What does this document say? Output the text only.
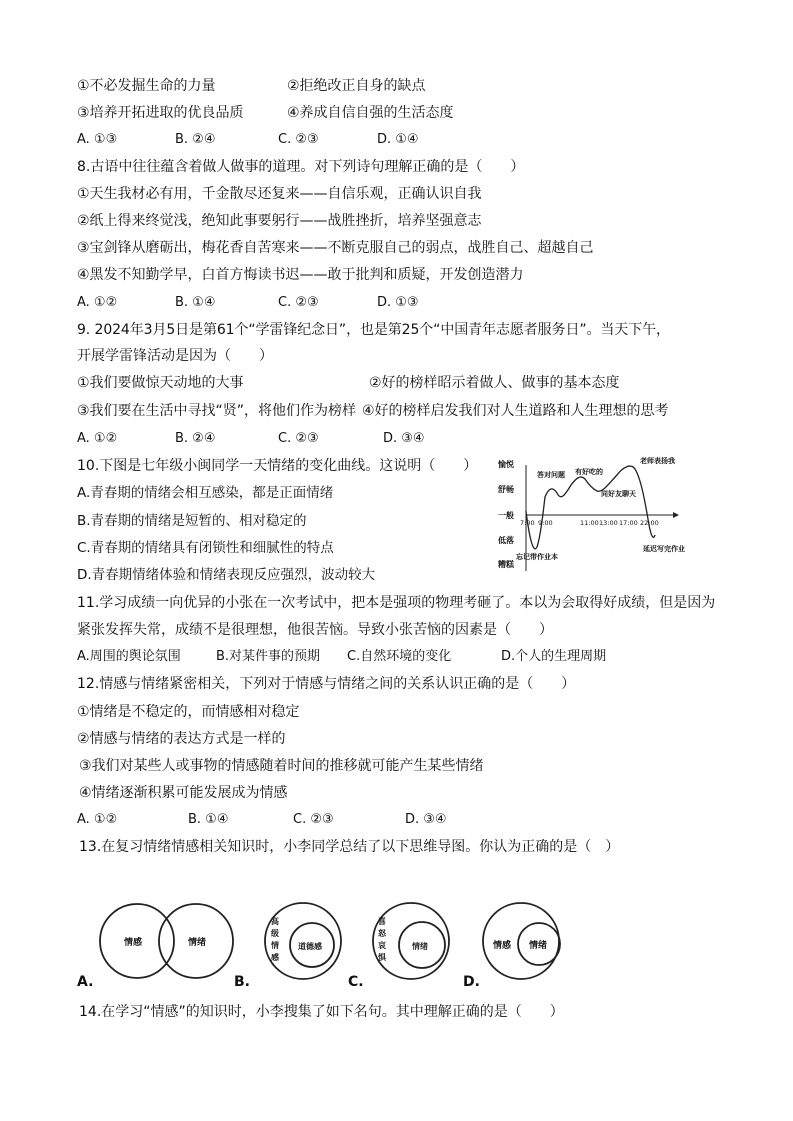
①不必发掘生命的力量	②拒绝改正自身的缺点
③培养开拓进取的优良品质	④养成自信自强的生活态度
A. ①③	B. ②④	C. ②③	D. ①④
8.古语中往往蕴含着做人做事的道理。对下列诗句理解正确的是（　　）
①天生我材必有用，千金散尽还复来——自信乐观，正确认识自我
②纸上得来终觉浅，绝知此事要躬行——战胜挫折，培养坚强意志
③宝剑锋从磨砺出，梅花香自苦寒来——不断克服自己的弱点，战胜自己、超越自己
④黑发不知勤学早，白首方悔读书迟——敢于批判和质疑，开发创造潜力
A. ①②	B. ①④	C. ②③	D. ①③
9. 2024年3月5日是第61个“学雷锋纪念日”，也是第25个“中国青年志愿者服务日”。当天下午，
开展学雷锋活动是因为（　　）
①我们要做惊天动地的大事	②好的榜样昭示着做人、做事的基本态度
③我们要在生活中寻找“贤”，将他们作为榜样 ④好的榜样启发我们对人生道路和人生理想的思考
A. ①②	B. ②④	C. ②③	D. ③④
10.下图是七年级小闽同学一天情绪的变化曲线。这说明（　　）
A.青春期的情绪会相互感染，都是正面情绪
B.青春期的情绪是短暂的、相对稳定的
C.青春期的情绪具有闭锁性和细腻性的特点
D.青春期情绪体验和情绪表现反应强烈，波动较大
愉悦
舒畅
一般
低落
糟糕
7:00 9:00	11:00 13:00 17:00 22:00
答对问题 有好吃的
同好友聊天
老师表扬我
忘记带作业本
延迟写完作业
11.学习成绩一向优异的小张在一次考试中，把本是强项的物理考砸了。本以为会取得好成绩，但是因为
紧张发挥失常，成绩不是很理想，他很苦恼。导致小张苦恼的因素是（　　）
A.周围的舆论氛围	B.对某件事的预期 C.自然环境的变化	D.个人的生理周期
12.情感与情绪紧密相关，下列对于情感与情绪之间的关系认识正确的是（　　）
①情绪是不稳定的，而情感相对稳定
②情感与情绪的表达方式是一样的
③我们对某些人或事物的情感随着时间的推移就可能产生某些情绪
④情绪逐渐积累可能发展成为情感
A. ①②	B. ①④	C. ②③	D. ③④
13.在复习情绪情感相关知识时，小李同学总结了以下思维导图。你认为正确的是（　）
情感	情绪
A.
高级情感
道德感
B.
喜怒哀惧
情绪
C.
情感 情绪
D.
14.在学习“情感”的知识时，小李搜集了如下名句。其中理解正确的是（　　）
